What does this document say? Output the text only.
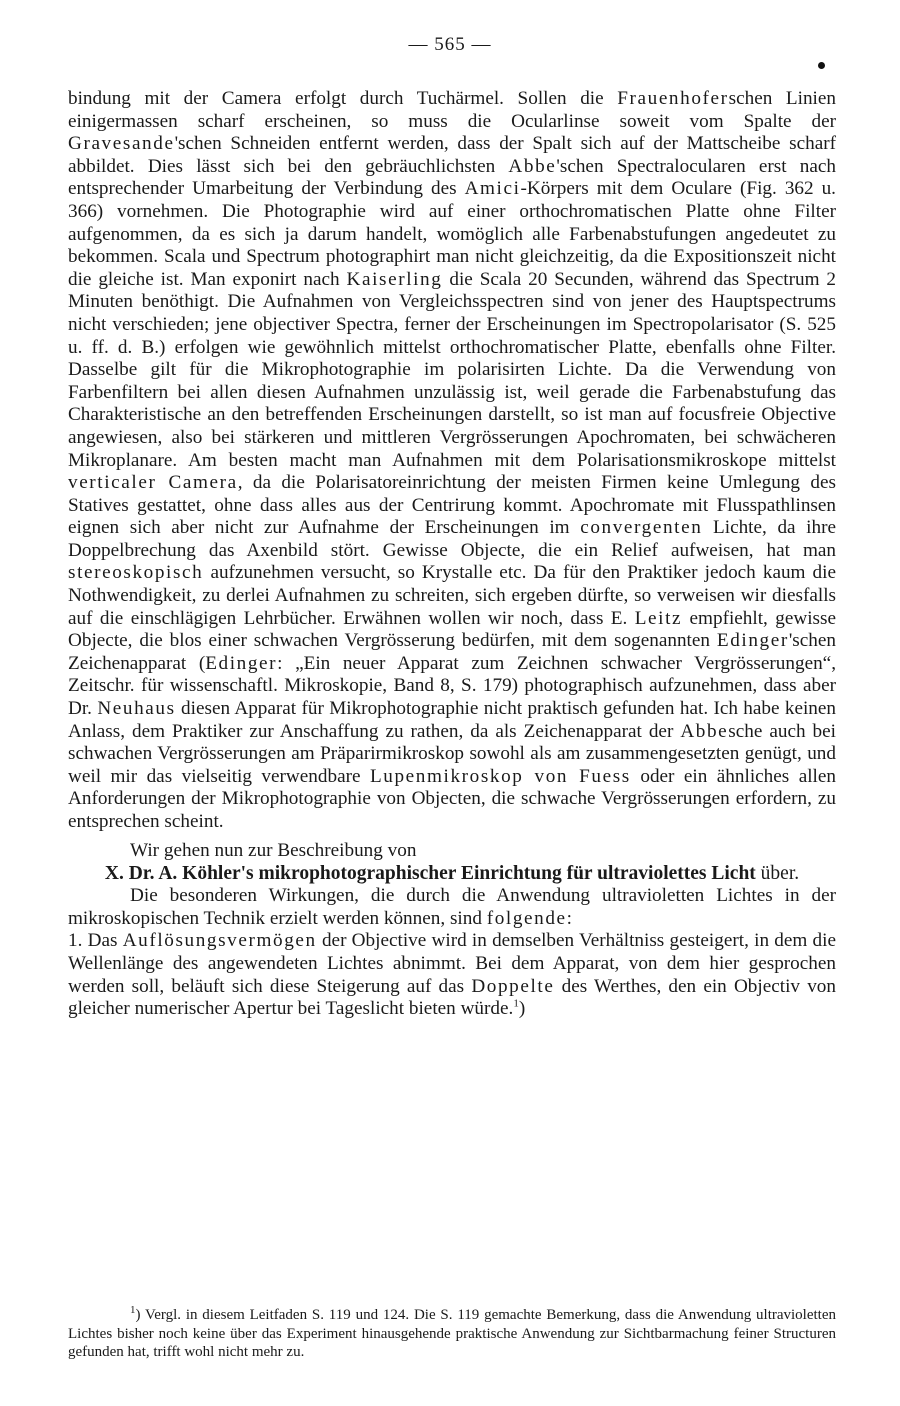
— 565 —

bindung mit der Camera erfolgt durch Tuchärmel. Sollen die Frauenhoferschen Linien einigermassen scharf erscheinen, so muss die Ocularlinse soweit vom Spalte der Gravesande'schen Schneiden entfernt werden, dass der Spalt sich auf der Mattscheibe scharf abbildet. Dies lässt sich bei den gebräuchlichsten Abbe'schen Spectralocularen erst nach entsprechender Umarbeitung der Verbindung des Amici-Körpers mit dem Oculare (Fig. 362 u. 366) vornehmen. Die Photographie wird auf einer orthochromatischen Platte ohne Filter aufgenommen, da es sich ja darum handelt, womöglich alle Farbenabstufungen angedeutet zu bekommen. Scala und Spectrum photographirt man nicht gleichzeitig, da die Expositionszeit nicht die gleiche ist. Man exponirt nach Kaiserling die Scala 20 Secunden, während das Spectrum 2 Minuten benöthigt. Die Aufnahmen von Vergleichsspectren sind von jener des Hauptspectrums nicht verschieden; jene objectiver Spectra, ferner der Erscheinungen im Spectropolarisator (S. 525 u. ff. d. B.) erfolgen wie gewöhnlich mittelst orthochromatischer Platte, ebenfalls ohne Filter. Dasselbe gilt für die Mikrophotographie im polarisirten Lichte. Da die Verwendung von Farbenfiltern bei allen diesen Aufnahmen unzulässig ist, weil gerade die Farbenabstufung das Charakteristische an den betreffenden Erscheinungen darstellt, so ist man auf focusfreie Objective angewiesen, also bei stärkeren und mittleren Vergrösserungen Apochromaten, bei schwächeren Mikroplanare. Am besten macht man Aufnahmen mit dem Polarisationsmikroskope mittelst verticaler Camera, da die Polarisatoreinrichtung der meisten Firmen keine Umlegung des Statives gestattet, ohne dass alles aus der Centrirung kommt. Apochromate mit Flusspathlinsen eignen sich aber nicht zur Aufnahme der Erscheinungen im convergenten Lichte, da ihre Doppelbrechung das Axenbild stört. Gewisse Objecte, die ein Relief aufweisen, hat man stereoskopisch aufzunehmen versucht, so Krystalle etc. Da für den Praktiker jedoch kaum die Nothwendigkeit, zu derlei Aufnahmen zu schreiten, sich ergeben dürfte, so verweisen wir diesfalls auf die einschlägigen Lehrbücher. Erwähnen wollen wir noch, dass E. Leitz empfiehlt, gewisse Objecte, die blos einer schwachen Vergrösserung bedürfen, mit dem sogenannten Edinger'schen Zeichenapparat (Edinger: „Ein neuer Apparat zum Zeichnen schwacher Vergrösserungen“, Zeitschr. für wissenschaftl. Mikroskopie, Band 8, S. 179) photographisch aufzunehmen, dass aber Dr. Neuhaus diesen Apparat für Mikrophotographie nicht praktisch gefunden hat. Ich habe keinen Anlass, dem Praktiker zur Anschaffung zu rathen, da als Zeichenapparat der Abbesche auch bei schwachen Vergrösserungen am Präparirmikroskop sowohl als am zusammengesetzten genügt, und weil mir das vielseitig verwendbare Lupenmikroskop von Fuess oder ein ähnliches allen Anforderungen der Mikrophotographie von Objecten, die schwache Vergrösserungen erfordern, zu entsprechen scheint.

Wir gehen nun zur Beschreibung von

X. Dr. A. Köhler's mikrophotographischer Einrichtung für ultraviolettes Licht über.

Die besonderen Wirkungen, die durch die Anwendung ultravioletten Lichtes in der mikroskopischen Technik erzielt werden können, sind folgende:

1. Das Auflösungsvermögen der Objective wird in demselben Verhältniss gesteigert, in dem die Wellenlänge des angewendeten Lichtes abnimmt. Bei dem Apparat, von dem hier gesprochen werden soll, beläuft sich diese Steigerung auf das Doppelte des Werthes, den ein Objectiv von gleicher numerischer Apertur bei Tageslicht bieten würde.$^1$)

$^1$) Vergl. in diesem Leitfaden S. 119 und 124. Die S. 119 gemachte Bemerkung, dass die Anwendung ultravioletten Lichtes bisher noch keine über das Experiment hinausgehende praktische Anwendung zur Sichtbarmachung feiner Structuren gefunden hat, trifft wohl nicht mehr zu.
